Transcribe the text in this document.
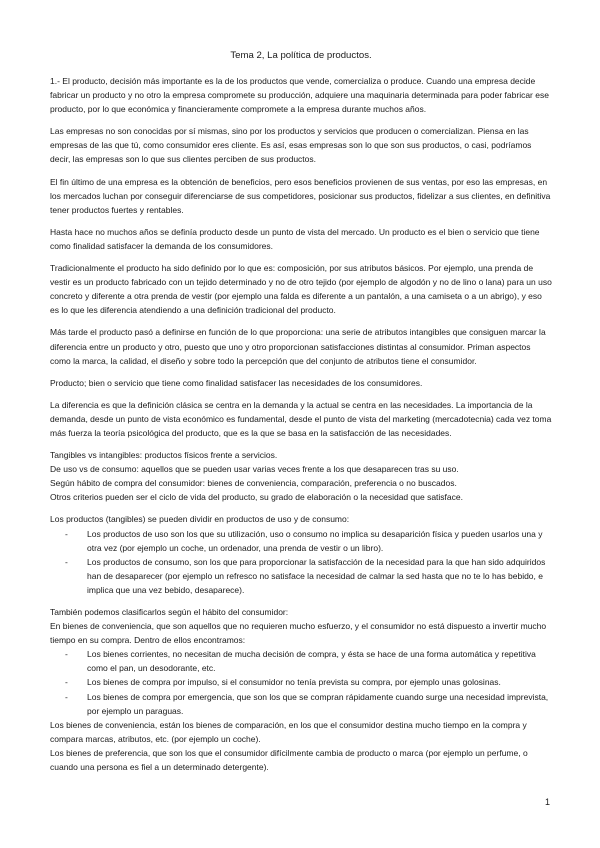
Tema 2, La política de productos.

1.- El producto, decisión más importante es la de los productos que vende, comercializa o produce. Cuando una empresa decide fabricar un producto y no otro la empresa compromete su producción, adquiere una maquinaria determinada para poder fabricar ese producto, por lo que económica y financieramente compromete a la empresa durante muchos años.

Las empresas no son conocidas por sí mismas, sino por los productos y servicios que producen o comercializan. Piensa en las empresas de las que tú, como consumidor eres cliente. Es así, esas empresas son lo que son sus productos, o casi, podríamos decir, las empresas son lo que sus clientes perciben de sus productos.

El fin último de una empresa es la obtención de beneficios, pero esos beneficios provienen de sus ventas, por eso las empresas, en los mercados luchan por conseguir diferenciarse de sus competidores, posicionar sus productos, fidelizar a sus clientes, en definitiva tener productos fuertes y rentables.

Hasta hace no muchos años se definía producto desde un punto de vista del mercado. Un producto es el bien o servicio que tiene como finalidad satisfacer la demanda de los consumidores.

Tradicionalmente el producto ha sido definido por lo que es: composición, por sus atributos básicos. Por ejemplo, una prenda de vestir es un producto fabricado con un tejido determinado y no de otro tejido (por ejemplo de algodón y no de lino o lana) para un uso concreto y diferente a otra prenda de vestir (por ejemplo una falda es diferente a un pantalón, a una camiseta o a un abrigo), y eso es lo que les diferencia atendiendo a una definición tradicional del producto.

Más tarde el producto pasó a definirse en función de lo que proporciona: una serie de atributos intangibles que consiguen marcar la diferencia entre un producto y otro, puesto que uno y otro proporcionan satisfacciones distintas al consumidor. Priman aspectos como la marca, la calidad, el diseño y sobre todo la percepción que del conjunto de atributos tiene el consumidor.

Producto; bien o servicio que tiene como finalidad satisfacer las necesidades de los consumidores.

La diferencia es que la definición clásica se centra en la demanda y la actual se centra en las necesidades. La importancia de la demanda, desde un punto de vista económico es fundamental, desde el punto de vista del marketing (mercadotecnia) cada vez toma más fuerza la teoría psicológica del producto, que es la que se basa en la satisfacción de las necesidades.

Tangibles vs intangibles: productos físicos frente a servicios.

De uso vs de consumo: aquellos que se pueden usar varias veces frente a los que desaparecen tras su uso.

Según hábito de compra del consumidor: bienes de conveniencia, comparación, preferencia o no buscados.

Otros criterios pueden ser el ciclo de vida del producto, su grado de elaboración o la necesidad que satisface.

Los productos (tangibles) se pueden dividir en productos de uso y de consumo:

- Los productos de uso son los que su utilización, uso o consumo no implica su desaparición física y pueden usarlos una y otra vez (por ejemplo un coche, un ordenador, una prenda de vestir o un libro).
- Los productos de consumo, son los que para proporcionar la satisfacción de la necesidad para la que han sido adquiridos han de desaparecer (por ejemplo un refresco no satisface la necesidad de calmar la sed hasta que no te lo has bebido, e implica que una vez bebido, desaparece).

También podemos clasificarlos según el hábito del consumidor:

En bienes de conveniencia, que son aquellos que no requieren mucho esfuerzo, y el consumidor no está dispuesto a invertir mucho tiempo en su compra. Dentro de ellos encontramos:

- Los bienes corrientes, no necesitan de mucha decisión de compra, y ésta se hace de una forma automática y repetitiva como el pan, un desodorante, etc.
- Los bienes de compra por impulso, si el consumidor no tenía prevista su compra, por ejemplo unas golosinas.
- Los bienes de compra por emergencia, que son los que se compran rápidamente cuando surge una necesidad imprevista, por ejemplo un paraguas.

Los bienes de conveniencia, están los bienes de comparación, en los que el consumidor destina mucho tiempo en la compra y compara marcas, atributos, etc. (por ejemplo un coche).

Los bienes de preferencia, que son los que el consumidor difícilmente cambia de producto o marca (por ejemplo un perfume, o cuando una persona es fiel a un determinado detergente).

1
